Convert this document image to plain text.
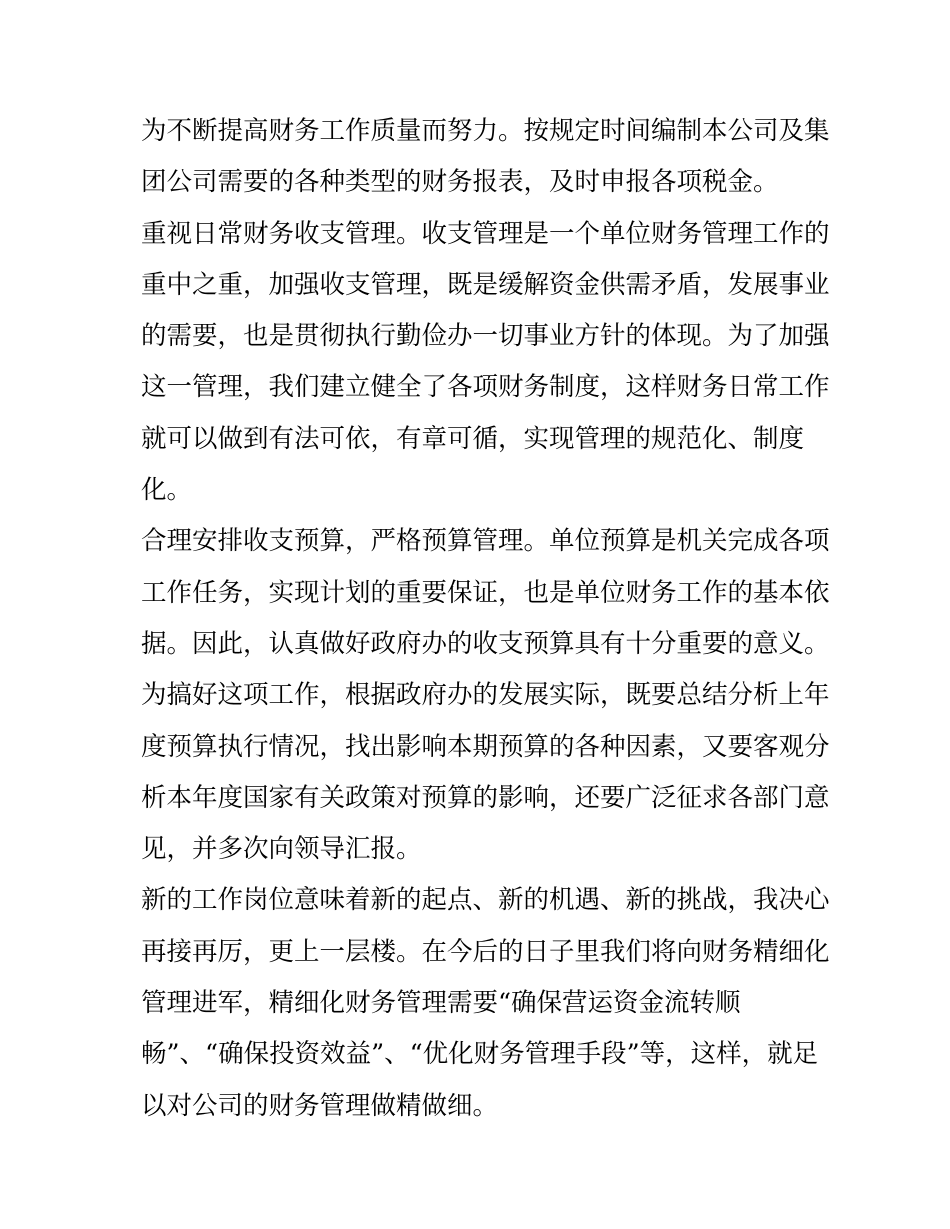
为不断提高财务工作质量而努力。按规定时间编制本公司及集
团公司需要的各种类型的财务报表，及时申报各项税金。
重视日常财务收支管理。收支管理是一个单位财务管理工作的
重中之重，加强收支管理，既是缓解资金供需矛盾，发展事业
的需要，也是贯彻执行勤俭办一切事业方针的体现。为了加强
这一管理，我们建立健全了各项财务制度，这样财务日常工作
就可以做到有法可依，有章可循，实现管理的规范化、制度
化。
合理安排收支预算，严格预算管理。单位预算是机关完成各项
工作任务，实现计划的重要保证，也是单位财务工作的基本依
据。因此，认真做好政府办的收支预算具有十分重要的意义。
为搞好这项工作，根据政府办的发展实际，既要总结分析上年
度预算执行情况，找出影响本期预算的各种因素，又要客观分
析本年度国家有关政策对预算的影响，还要广泛征求各部门意
见，并多次向领导汇报。
新的工作岗位意味着新的起点、新的机遇、新的挑战，我决心
再接再厉，更上一层楼。在今后的日子里我们将向财务精细化
管理进军，精细化财务管理需要“确保营运资金流转顺
畅”、“确保投资效益”、“优化财务管理手段”等，这样，就足
以对公司的财务管理做精做细。
